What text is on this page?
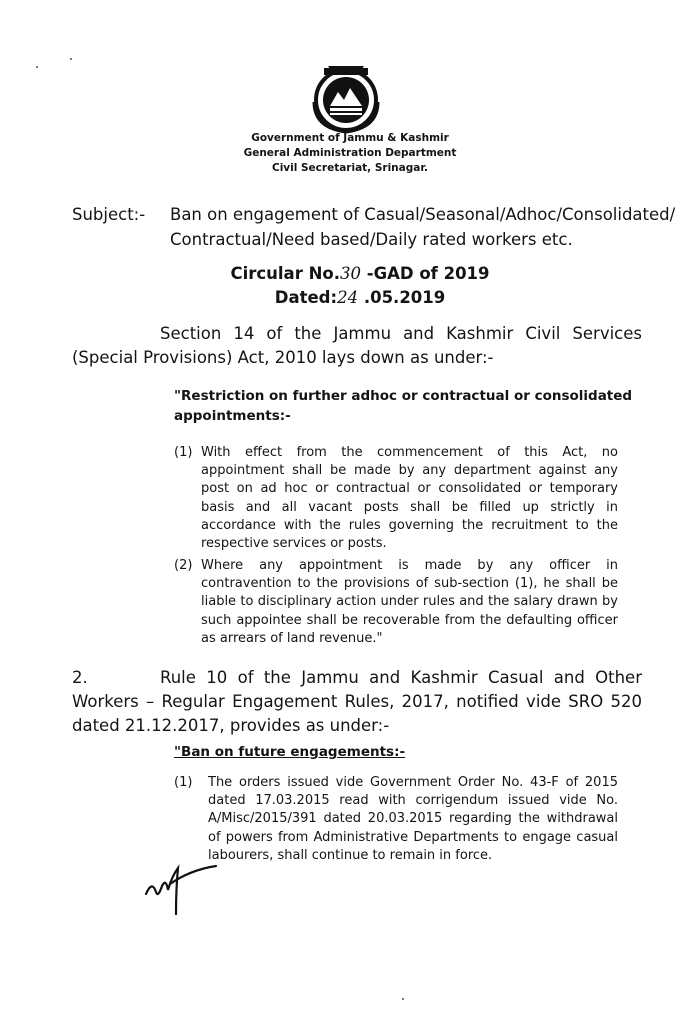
Government of Jammu & Kashmir
General Administration Department
Civil Secretariat, Srinagar.
Subject:- Ban on engagement of Casual/Seasonal/Adhoc/Consolidated/ Contractual/Need based/Daily rated workers etc.
Circular No.30 -GAD of 2019
Dated:24 .05.2019
Section 14 of the Jammu and Kashmir Civil Services (Special Provisions) Act, 2010 lays down as under:-
"Restriction on further adhoc or contractual or consolidated appointments:-
(1) With effect from the commencement of this Act, no appointment shall be made by any department against any post on ad hoc or contractual or consolidated or temporary basis and all vacant posts shall be filled up strictly in accordance with the rules governing the recruitment to the respective services or posts.
(2) Where any appointment is made by any officer in contravention to the provisions of sub-section (1), he shall be liable to disciplinary action under rules and the salary drawn by such appointee shall be recoverable from the defaulting officer as arrears of land revenue."
2.	Rule 10 of the Jammu and Kashmir Casual and Other Workers – Regular Engagement Rules, 2017, notified vide SRO 520 dated 21.12.2017, provides as under:-
"Ban on future engagements:-
(1) The orders issued vide Government Order No. 43-F of 2015 dated 17.03.2015 read with corrigendum issued vide No. A/Misc/2015/391 dated 20.03.2015 regarding the withdrawal of powers from Administrative Departments to engage casual labourers, shall continue to remain in force.
